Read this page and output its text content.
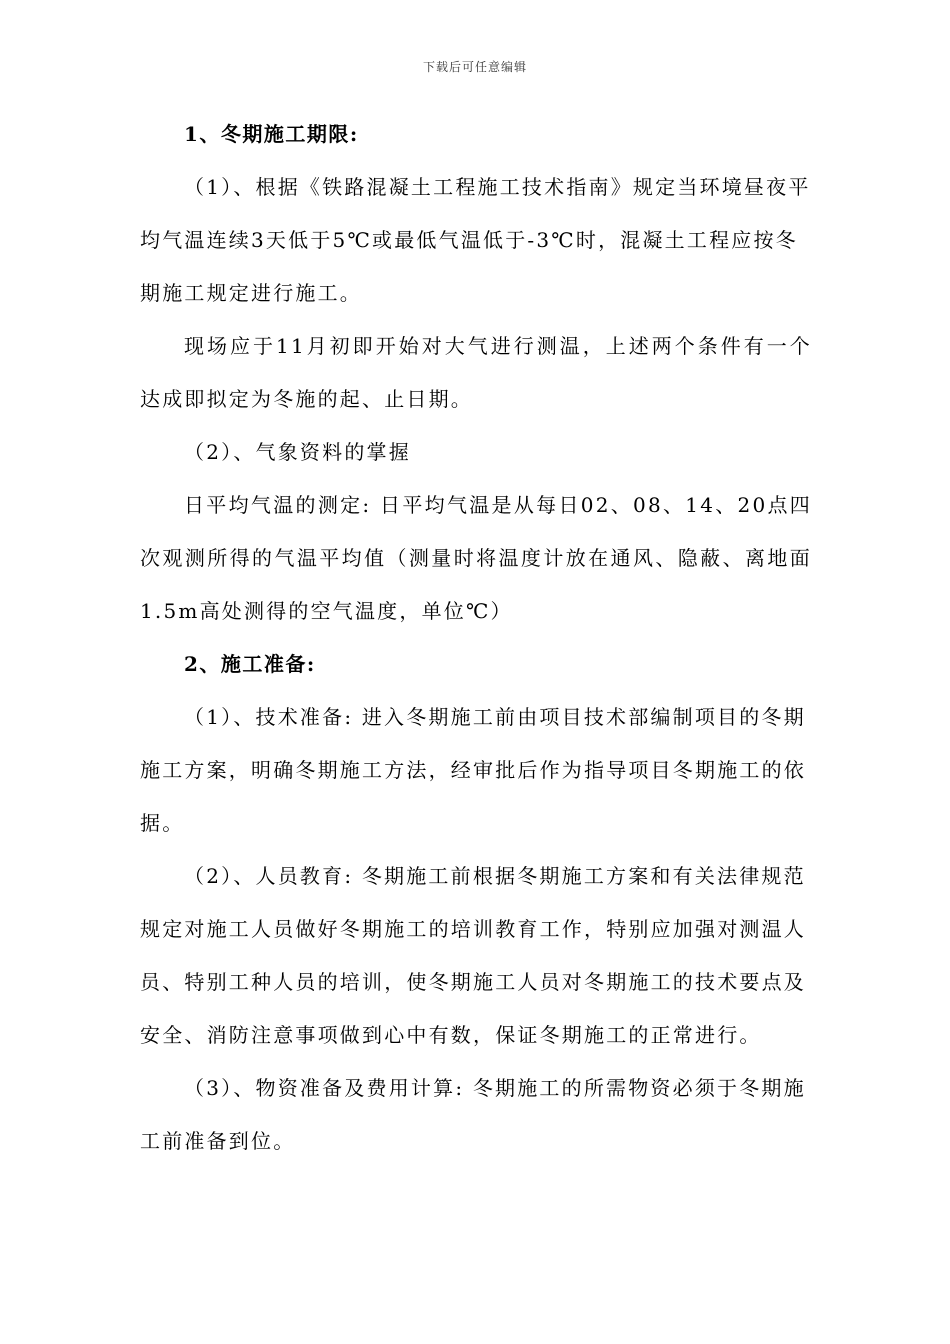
下载后可任意编辑

1、冬期施工期限:

（1）、根据《铁路混凝土工程施工技术指南》规定当环境昼夜平均气温连续3天低于5℃或最低气温低于-3℃时，混凝土工程应按冬期施工规定进行施工。

现场应于11月初即开始对大气进行测温，上述两个条件有一个达成即拟定为冬施的起、止日期。

（2）、气象资料的掌握

日平均气温的测定: 日平均气温是从每日02、08、14、20点四次观测所得的气温平均值（测量时将温度计放在通风、隐蔽、离地面1.5m高处测得的空气温度，单位℃）

2、施工准备:

（1）、技术准备: 进入冬期施工前由项目技术部编制项目的冬期施工方案，明确冬期施工方法，经审批后作为指导项目冬期施工的依据。

（2）、人员教育: 冬期施工前根据冬期施工方案和有关法律规范规定对施工人员做好冬期施工的培训教育工作，特别应加强对测温人员、特别工种人员的培训，使冬期施工人员对冬期施工的技术要点及安全、消防注意事项做到心中有数，保证冬期施工的正常进行。

（3）、物资准备及费用计算: 冬期施工的所需物资必须于冬期施工前准备到位。
